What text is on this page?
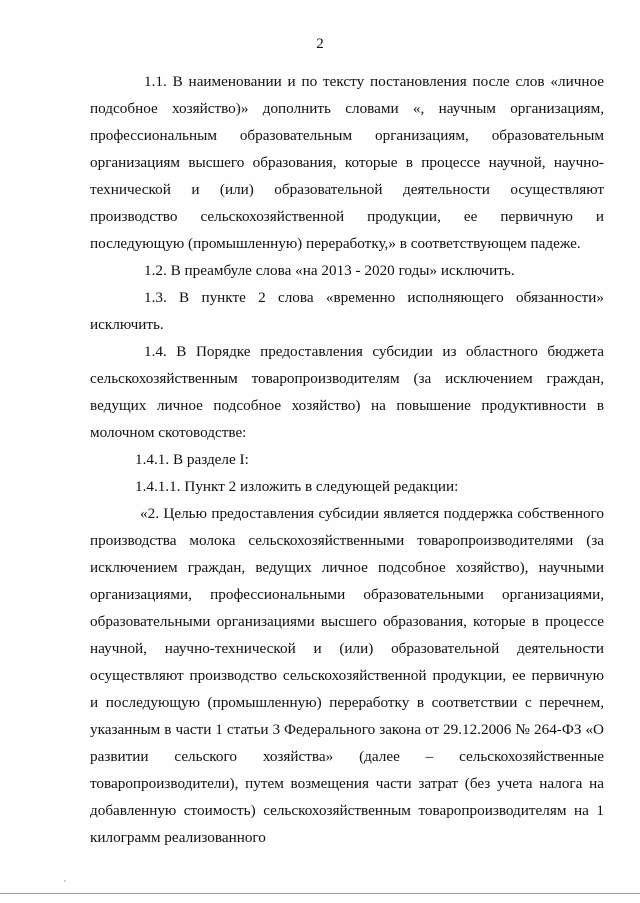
2

1.1. В наименовании и по тексту постановления после слов «личное подсобное хозяйство)» дополнить словами «, научным организациям, профессиональным образовательным организациям, образовательным организациям высшего образования, которые в процессе научной, научно-технической и (или) образовательной деятельности осуществляют производство сельскохозяйственной продукции, ее первичную и последующую (промышленную) переработку,» в соответствующем падеже.

1.2. В преамбуле слова «на 2013 - 2020 годы» исключить.

1.3. В пункте 2 слова «временно исполняющего обязанности» исключить.

1.4. В Порядке предоставления субсидии из областного бюджета сельскохозяйственным товаропроизводителям (за исключением граждан, ведущих личное подсобное хозяйство) на повышение продуктивности в молочном скотоводстве:

1.4.1. В разделе I:

1.4.1.1. Пункт 2 изложить в следующей редакции:

«2. Целью предоставления субсидии является поддержка собственного производства молока сельскохозяйственными товаропроизводителями (за исключением граждан, ведущих личное подсобное хозяйство), научными организациями, профессиональными образовательными организациями, образовательными организациями высшего образования, которые в процессе научной, научно-технической и (или) образовательной деятельности осуществляют производство сельскохозяйственной продукции, ее первичную и последующую (промышленную) переработку в соответствии с перечнем, указанным в части 1 статьи 3 Федерального закона от 29.12.2006 № 264-ФЗ «О развитии сельского хозяйства» (далее – сельскохозяйственные товаропроизводители), путем возмещения части затрат (без учета налога на добавленную стоимость) сельскохозяйственным товаропроизводителям на 1 килограмм реализованного
